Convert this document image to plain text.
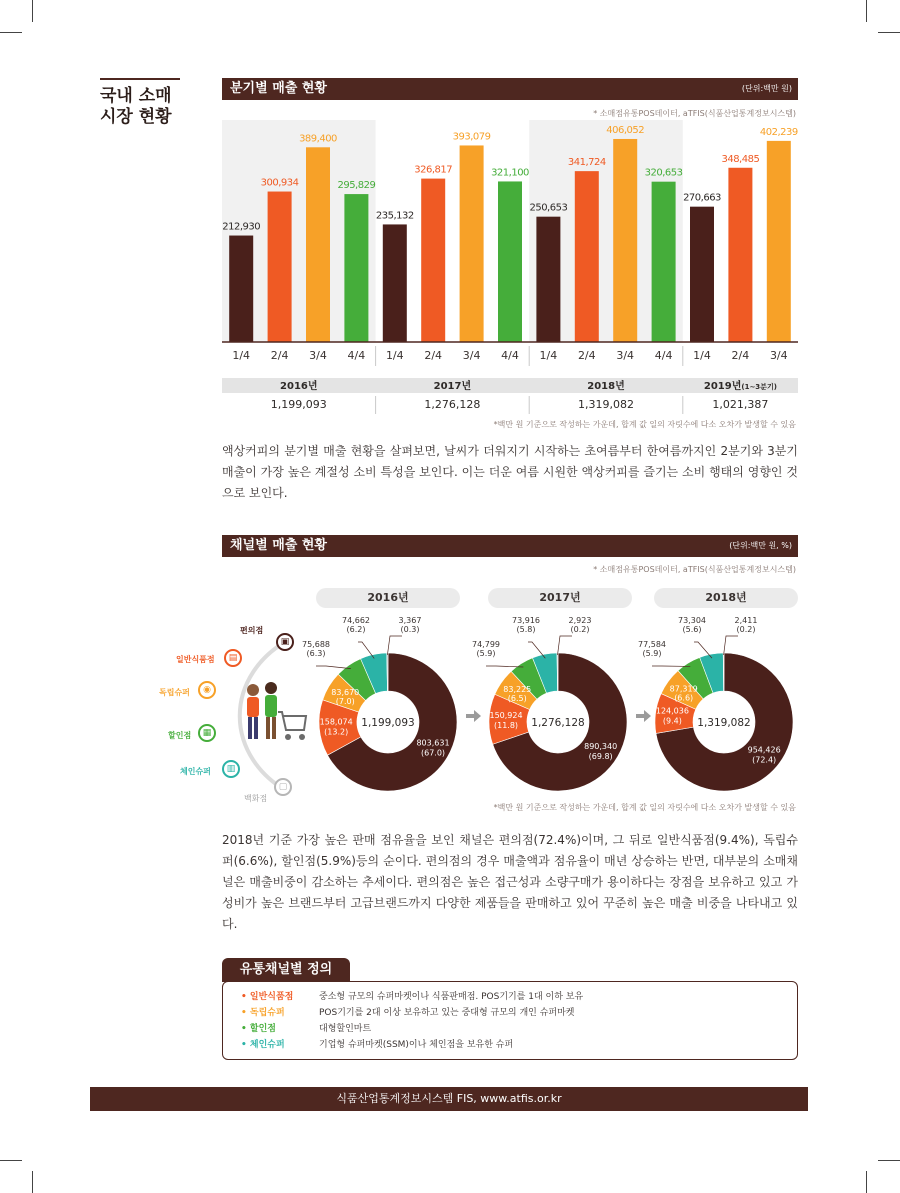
국내 소매
시장 현황
분기별 매출 현황	(단위:백만 원)
* 소매점유통POS데이터, aTFIS(식품산업통계정보시스템)
212,930
1/4
300,934
2/4
389,400
3/4
295,829
4/4
235,132
1/4
326,817
2/4
393,079
3/4
321,100
4/4
250,653
1/4
341,724
2/4
406,052
3/4
320,653
4/4
270,663
1/4
348,485
2/4
402,239
3/4
2016년
1,199,093
2017년
1,276,128
2018년
1,319,082
2019년(1~3분기)
1,021,387
*백만 원 기준으로 작성하는 가운데, 합계 값 일의 자릿수에 다소 오차가 발생할 수 있음
액상커피의 분기별 매출 현황을 살펴보면, 날씨가 더워지기 시작하는 초여름부터 한여름까지인 2분기와 3분기 매출이 가장 높은 계절성 소비 특성을 보인다. 이는 더운 여름 시원한 액상커피를 즐기는 소비 행태의 영향인 것으로 보인다.
채널별 매출 현황	(단위:백만 원, %)
* 소매점유통POS데이터, aTFIS(식품산업통계정보시스템)
▣
편의점
▤
일반식품점
◉
독립슈퍼
▦
할인점
▥
체인슈퍼
▢
백화점
2016년	2017년	2018년
1,199,093
803,631
(67.0)
158,074
(13.2)
83,670
(7.0)
75,688
(6.3)
74,662
(6.2)
3,367
(0.3)
1,276,128
890,340
(69.8)
150,924
(11.8)
83,225
(6.5)
74,799
(5.9)
73,916
(5.8)
2,923
(0.2)
1,319,082
954,426
(72.4)
124,036
(9.4)
87,319
(6.6)
77,584
(5.9)
73,304
(5.6)
2,411
(0.2)
*백만 원 기준으로 작성하는 가운데, 합계 값 일의 자릿수에 다소 오차가 발생할 수 있음
2018년 기준 가장 높은 판매 점유율을 보인 채널은 편의점(72.4%)이며, 그 뒤로 일반식품점(9.4%), 독립슈퍼(6.6%), 할인점(5.9%)등의 순이다. 편의점의 경우 매출액과 점유율이 매년 상승하는 반면, 대부분의 소매채널은 매출비중이 감소하는 추세이다. 편의점은 높은 접근성과 소량구매가 용이하다는 장점을 보유하고 있고 가성비가 높은 브랜드부터 고급브랜드까지 다양한 제품들을 판매하고 있어 꾸준히 높은 매출 비중을 나타내고 있다.
유통채널별 정의
• 일반식품점	중소형 규모의 슈퍼마켓이나 식품판매점. POS기기를 1대 이하 보유
• 독립슈퍼	POS기기를 2대 이상 보유하고 있는 중대형 규모의 개인 슈퍼마켓
• 할인점	대형할인마트
• 체인슈퍼	기업형 슈퍼마켓(SSM)이나 체인점을 보유한 슈퍼
식품산업통계정보시스템 FIS, www.atfis.or.kr
